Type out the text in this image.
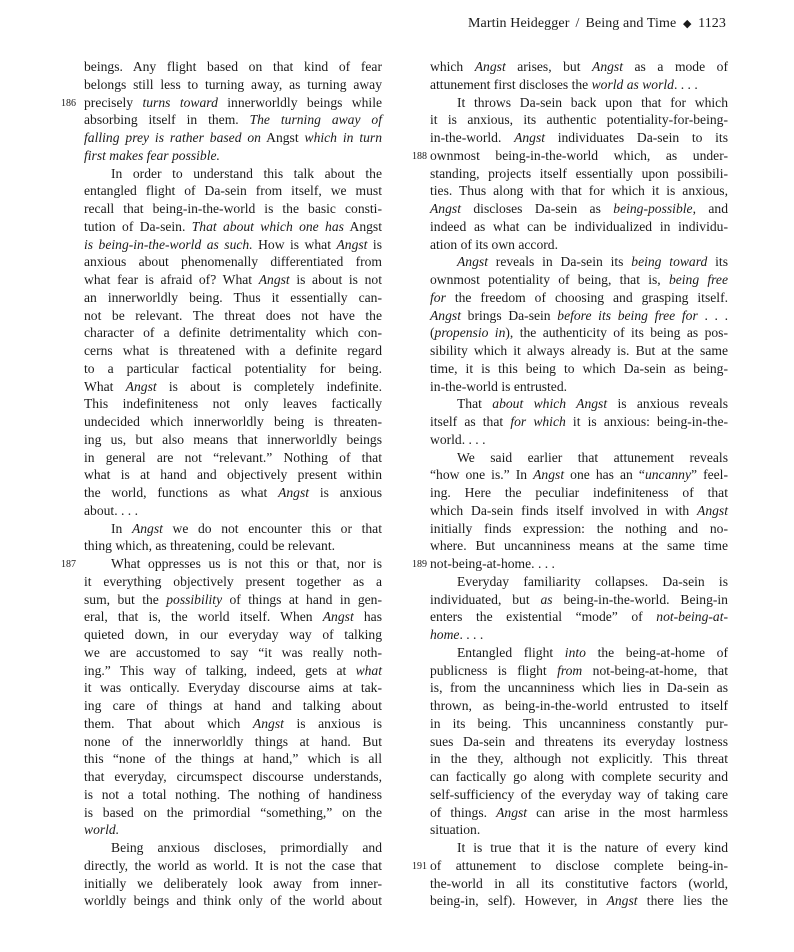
Martin Heidegger / Being and Time ◆ 1123
beings. Any flight based on that kind of fear
belongs still less to turning away, as turning away
186 precisely turns toward innerworldly beings while
absorbing itself in them. The turning away of
falling prey is rather based on Angst which in turn
first makes fear possible.
In order to understand this talk about the
entangled flight of Da-sein from itself, we must
recall that being-in-the-world is the basic consti-
tution of Da-sein. That about which one has Angst
is being-in-the-world as such. How is what Angst is
anxious about phenomenally differentiated from
what fear is afraid of? What Angst is about is not
an innerworldly being. Thus it essentially can-
not be relevant. The threat does not have the
character of a definite detrimentality which con-
cerns what is threatened with a definite regard
to a particular factical potentiality for being.
What Angst is about is completely indefinite.
This indefiniteness not only leaves factically
undecided which innerworldly being is threaten-
ing us, but also means that innerworldly beings
in general are not “relevant.” Nothing of that
what is at hand and objectively present within
the world, functions as what Angst is anxious
about. . . .
In Angst we do not encounter this or that
thing which, as threatening, could be relevant.
187	What oppresses us is not this or that, nor is
it everything objectively present together as a
sum, but the possibility of things at hand in gen-
eral, that is, the world itself. When Angst has
quieted down, in our everyday way of talking
we are accustomed to say “it was really noth-
ing.” This way of talking, indeed, gets at what
it was ontically. Everyday discourse aims at tak-
ing care of things at hand and talking about
them. That about which Angst is anxious is
none of the innerworldly things at hand. But
this “none of the things at hand,” which is all
that everyday, circumspect discourse understands,
is not a total nothing. The nothing of handiness
is based on the primordial “something,” on the
world.
Being anxious discloses, primordially and
directly, the world as world. It is not the case that
initially we deliberately look away from inner-
worldly beings and think only of the world about
which Angst arises, but Angst as a mode of
attunement first discloses the world as world. . . .
It throws Da-sein back upon that for which
it is anxious, its authentic potentiality-for-being-
in-the-world. Angst individuates Da-sein to its
188 ownmost being-in-the-world which, as under-
standing, projects itself essentially upon possibili-
ties. Thus along with that for which it is anxious,
Angst discloses Da-sein as being-possible, and
indeed as what can be individualized in individu-
ation of its own accord.
Angst reveals in Da-sein its being toward its
ownmost potentiality of being, that is, being free
for the freedom of choosing and grasping itself.
Angst brings Da-sein before its being free for . . .
(propensio in), the authenticity of its being as pos-
sibility which it always already is. But at the same
time, it is this being to which Da-sein as being-
in-the-world is entrusted.
That about which Angst is anxious reveals
itself as that for which it is anxious: being-in-the-
world. . . .
We said earlier that attunement reveals
“how one is.” In Angst one has an “uncanny” feel-
ing. Here the peculiar indefiniteness of that
which Da-sein finds itself involved in with Angst
initially finds expression: the nothing and no-
where. But uncanniness means at the same time
189 not-being-at-home. . . .
Everyday familiarity collapses. Da-sein is
individuated, but as being-in-the-world. Being-in
enters the existential “mode” of not-being-at-
home. . . .
Entangled flight into the being-at-home of
publicness is flight from not-being-at-home, that
is, from the uncanniness which lies in Da-sein as
thrown, as being-in-the-world entrusted to itself
in its being. This uncanniness constantly pur-
sues Da-sein and threatens its everyday lostness
in the they, although not explicitly. This threat
can factically go along with complete security and
self-sufficiency of the everyday way of taking care
of things. Angst can arise in the most harmless
situation.
It is true that it is the nature of every kind
191 of attunement to disclose complete being-in-
the-world in all its constitutive factors (world,
being-in, self). However, in Angst there lies the
